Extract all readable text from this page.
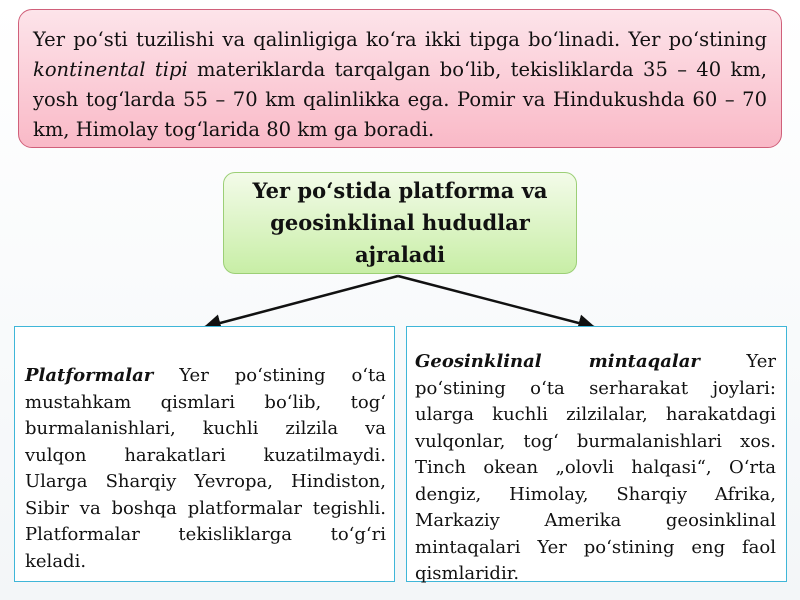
Yer po‘sti tuzilishi va qalinligiga ko‘ra ikki tipga bo‘linadi. Yer po‘stining kontinental tipi materiklarda tarqalgan bo‘lib, tekisliklarda 35 – 40 km, yosh tog‘larda 55 – 70 km qalinlikka ega. Pomir va Hindukushda 60 – 70 km, Himolay tog‘larida 80 km ga boradi.
Yer po‘stida platforma va geosinklinal hududlar ajraladi
Platformalar Yer po‘stining o‘ta mustahkam qismlari bo‘lib, tog‘ burmalanishlari, kuchli zilzila va vulqon harakatlari kuzatilmaydi. Ularga Sharqiy Yevropa, Hindiston, Sibir va boshqa platformalar tegishli. Platformalar tekisliklarga to‘g‘ri keladi.
Geosinklinal mintaqalar Yer po‘stining o‘ta serharakat joylari: ularga kuchli zilzilalar, harakatdagi vulqonlar, tog‘ burmalanishlari xos. Tinch okean „olovli halqasi“, O‘rta dengiz, Himolay, Sharqiy Afrika, Markaziy Amerika geosinklinal mintaqalari Yer po‘stining eng faol qismlaridir.
